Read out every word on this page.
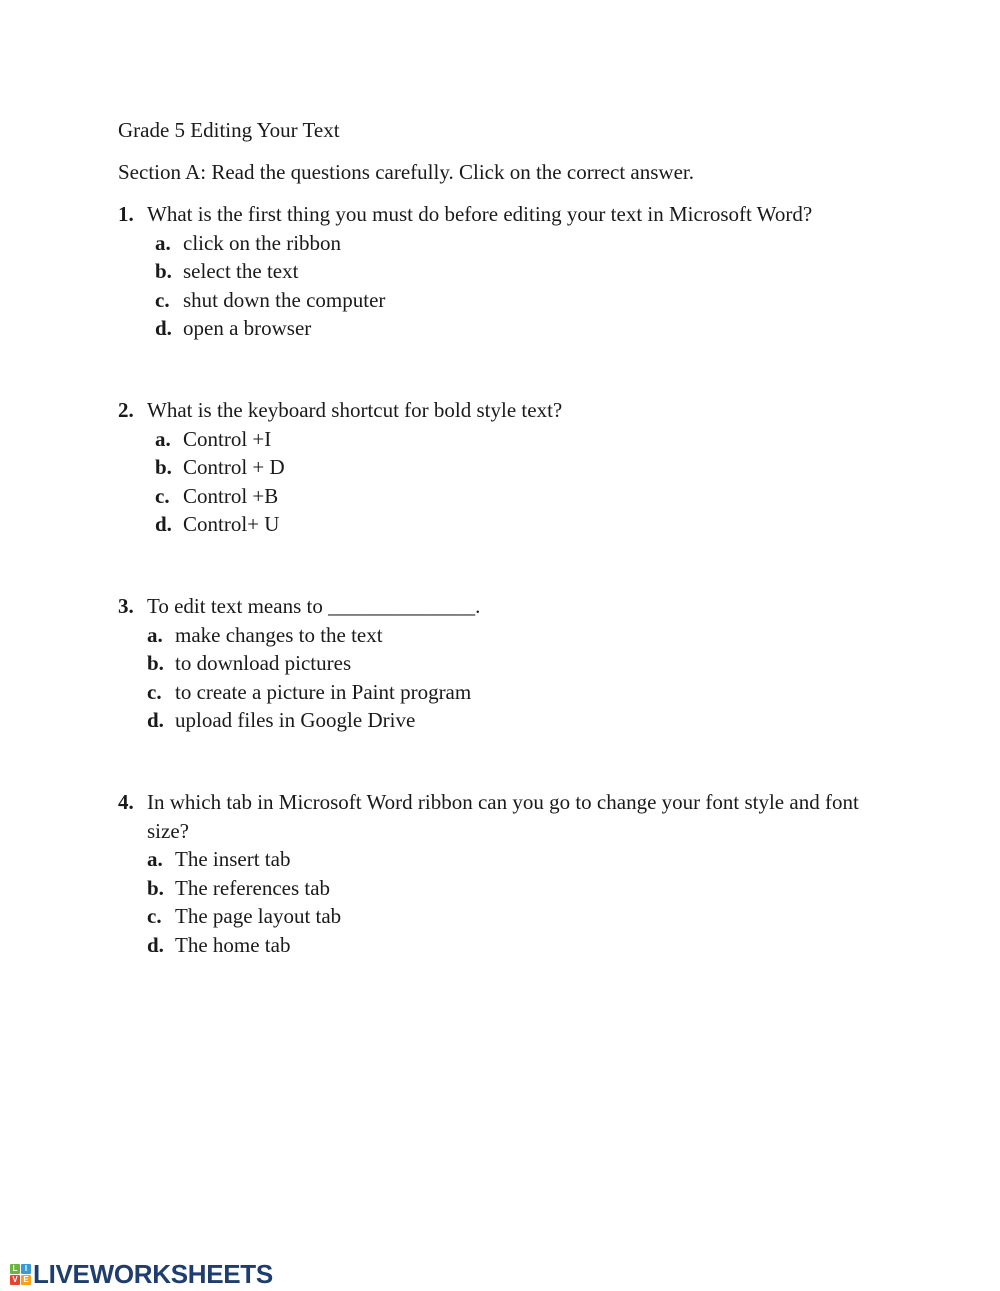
Grade 5 Editing Your Text
Section A: Read the questions carefully. Click on the correct answer.
1. What is the first thing you must do before editing your text in Microsoft Word?
a. click on the ribbon
b. select the text
c. shut down the computer
d. open a browser
2. What is the keyboard shortcut for bold style text?
a. Control +I
b. Control + D
c. Control +B
d. Control+ U
3. To edit text means to ______________.
a. make changes to the text
b. to download pictures
c. to create a picture in Paint program
d. upload files in Google Drive
4. In which tab in Microsoft Word ribbon can you go to change your font style and font size?
a. The insert tab
b. The references tab
c. The page layout tab
d. The home tab
L I
V E LIVEWORKSHEETS
